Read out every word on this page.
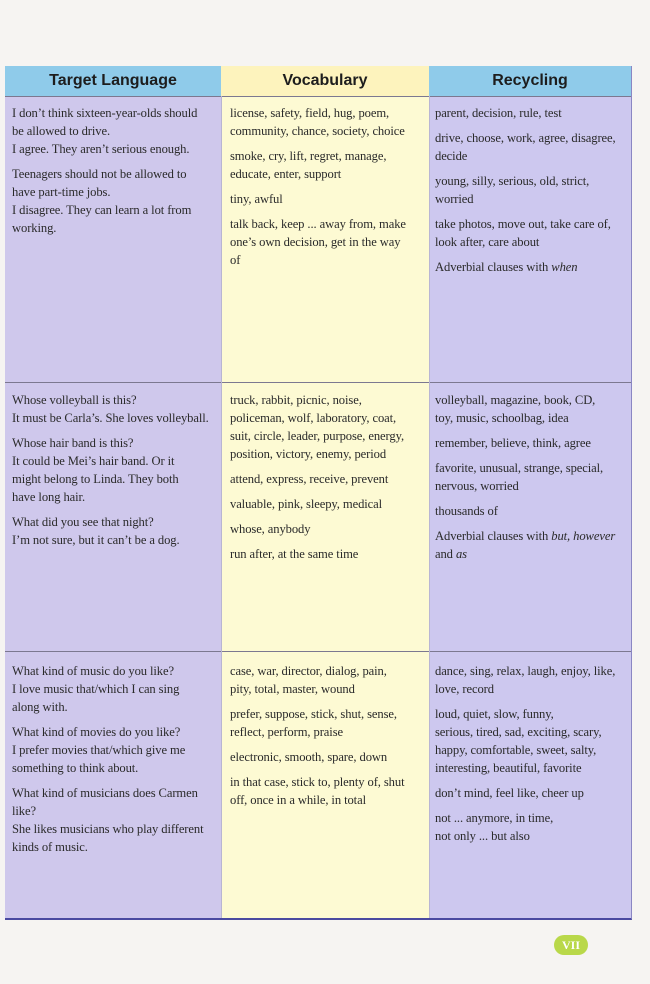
Target Language	Vocabulary	Recycling

I don’t think sixteen-year-olds should
be allowed to drive.
I agree. They aren’t serious enough.

Teenagers should not be allowed to
have part-time jobs.
I disagree. They can learn a lot from
working.

license, safety, field, hug, poem,
community, chance, society, choice

smoke, cry, lift, regret, manage,
educate, enter, support

tiny, awful

talk back, keep ... away from, make
one’s own decision, get in the way
of

parent, decision, rule, test

drive, choose, work, agree, disagree,
decide

young, silly, serious, old, strict,
worried

take photos, move out, take care of,
look after, care about

Adverbial clauses with when

Whose volleyball is this?
It must be Carla’s. She loves volleyball.

Whose hair band is this?
It could be Mei’s hair band. Or it
might belong to Linda. They both
have long hair.

What did you see that night?
I’m not sure, but it can’t be a dog.

truck, rabbit, picnic, noise,
policeman, wolf, laboratory, coat,
suit, circle, leader, purpose, energy,
position, victory, enemy, period

attend, express, receive, prevent

valuable, pink, sleepy, medical

whose, anybody

run after, at the same time

volleyball, magazine, book, CD,
toy, music, schoolbag, idea

remember, believe, think, agree

favorite, unusual, strange, special,
nervous, worried

thousands of

Adverbial clauses with but, however
and as

What kind of music do you like?
I love music that/which I can sing
along with.

What kind of movies do you like?
I prefer movies that/which give me
something to think about.

What kind of musicians does Carmen
like?
She likes musicians who play different
kinds of music.

case, war, director, dialog, pain,
pity, total, master, wound

prefer, suppose, stick, shut, sense,
reflect, perform, praise

electronic, smooth, spare, down

in that case, stick to, plenty of, shut
off, once in a while, in total

dance, sing, relax, laugh, enjoy, like,
love, record

loud, quiet, slow, funny,
serious, tired, sad, exciting, scary,
happy, comfortable, sweet, salty,
interesting, beautiful, favorite

don’t mind, feel like, cheer up

not ... anymore, in time,
not only ... but also

VII
